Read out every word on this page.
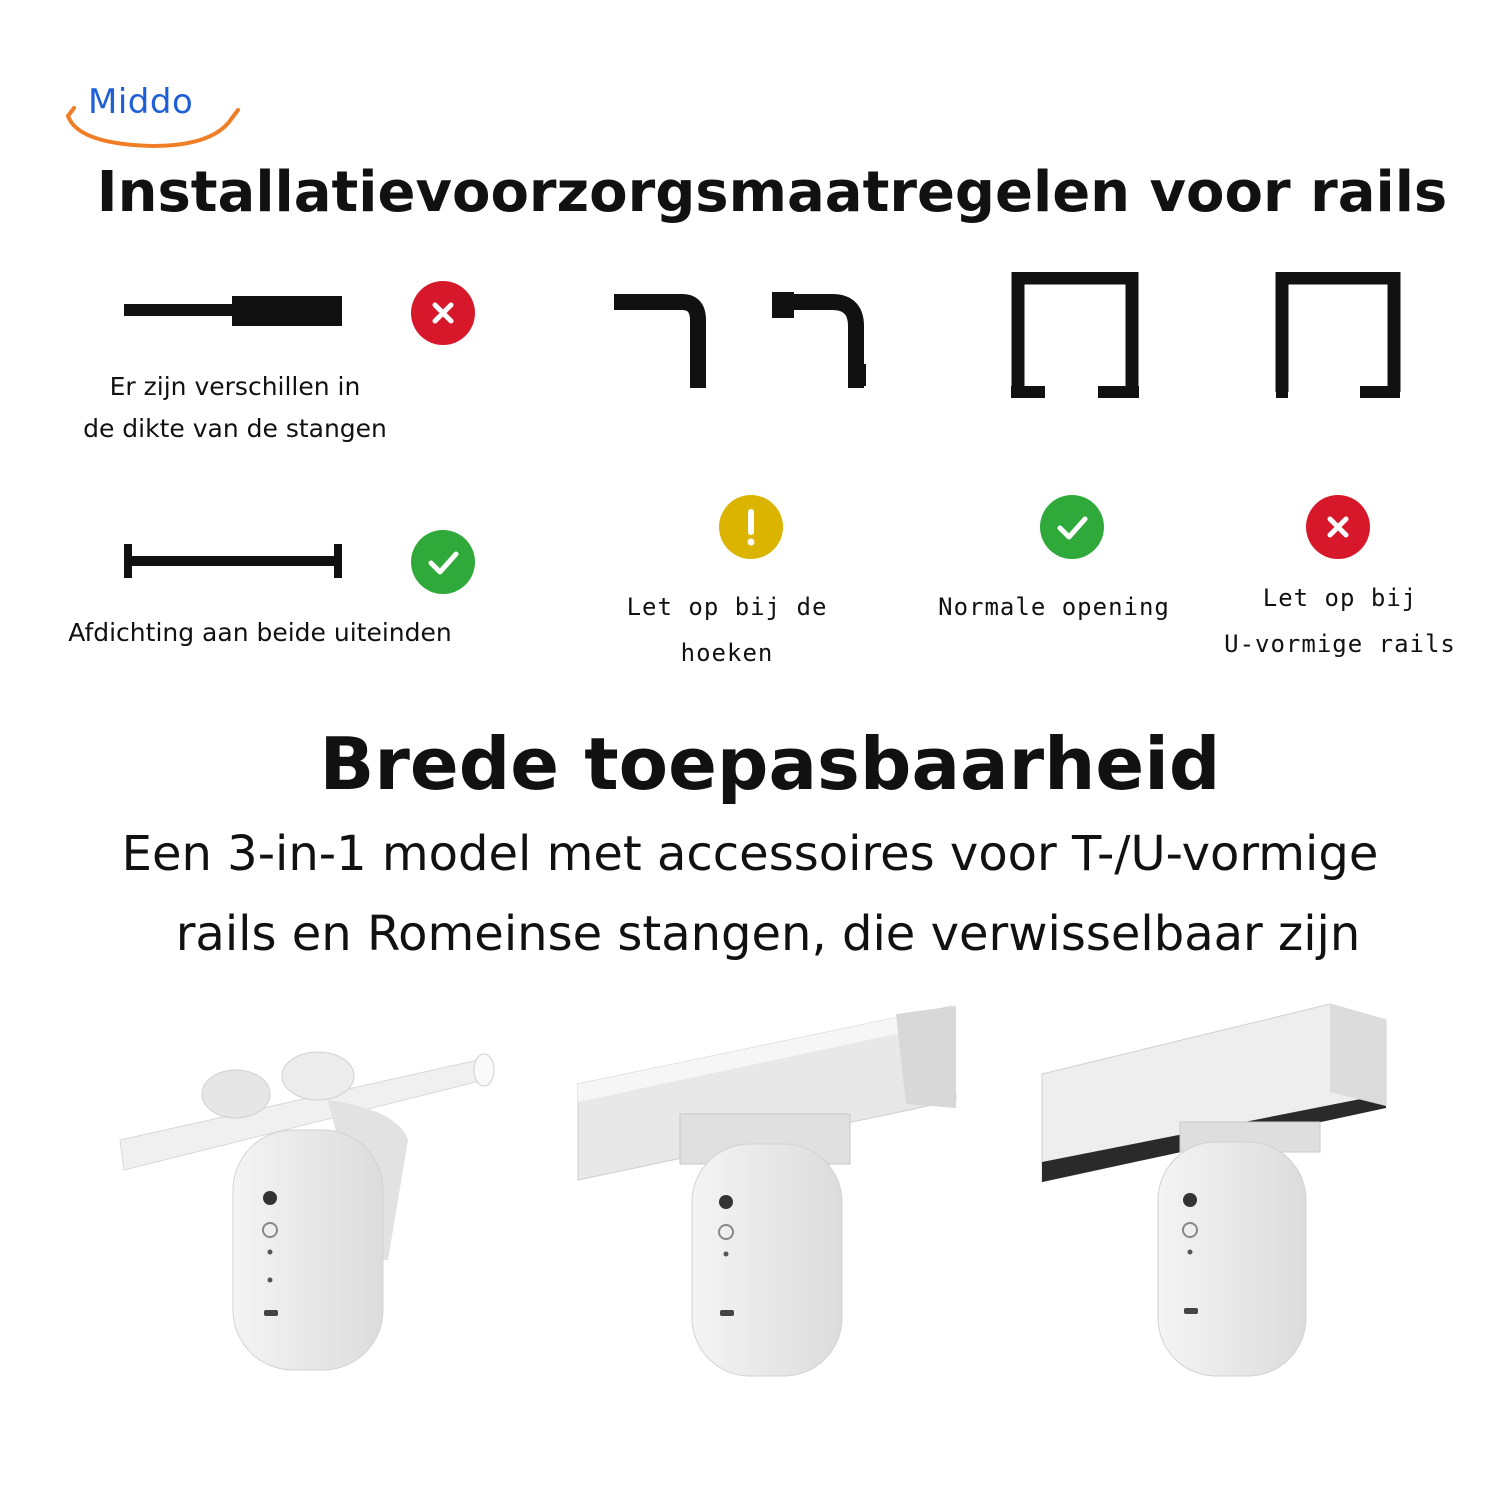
Middo
Installatievoorzorgsmaatregelen voor rails
Er zijn verschillen in
de dikte van de stangen
Afdichting aan beide uiteinden
Let op bij de hoeken
Normale opening	Let op bij
U-vormige rails
Brede toepasbaarheid
Een 3-in-1 model met accessoires voor T-/U-vormige
rails en Romeinse stangen, die verwisselbaar zijn
